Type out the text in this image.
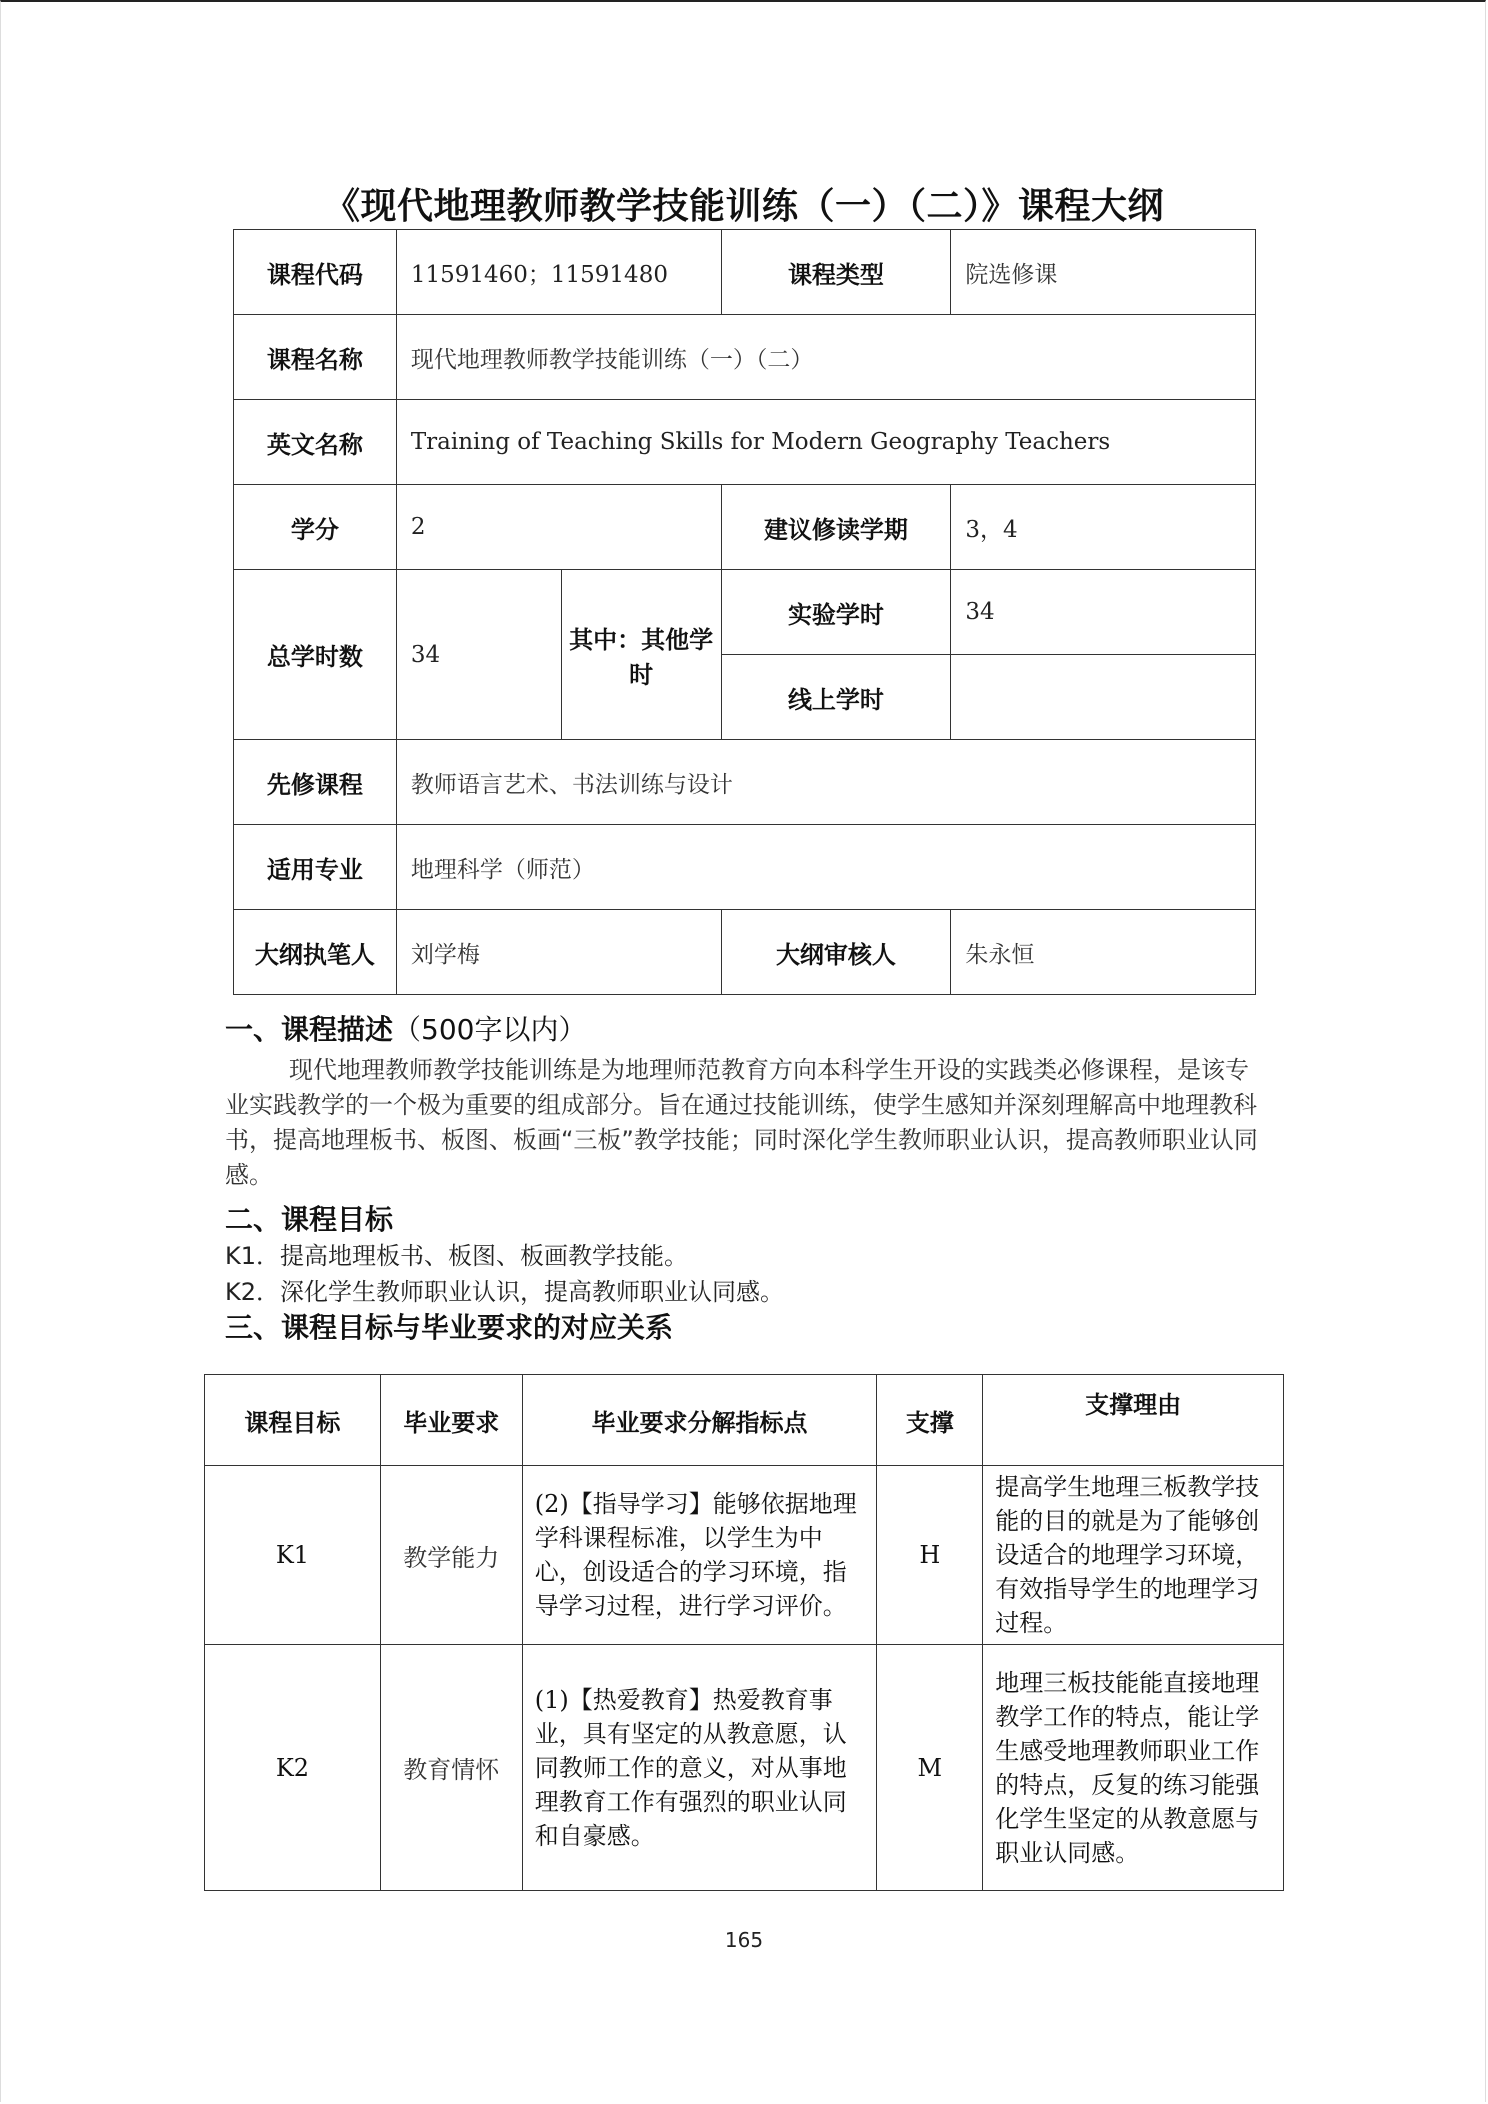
《现代地理教师教学技能训练（一）（二）》课程大纲
课程代码	11591460；11591480		课程类型	院选修课
课程名称	现代地理教师教学技能训练（一）（二）			
英文名称	Training of Teaching Skills for Modern Geography Teachers			
学分	2		建议修读学期	3，4
总学时数	34	其中：其他学时	实验学时	34
			线上学时	
先修课程	教师语言艺术、书法训练与设计			
适用专业	地理科学（师范）			
大纲执笔人	刘学梅		大纲审核人	朱永恒
一、课程描述（500字以内）
现代地理教师教学技能训练是为地理师范教育方向本科学生开设的实践类必修课程，是该专业实践教学的一个极为重要的组成部分。旨在通过技能训练，使学生感知并深刻理解高中地理教科书，提高地理板书、板图、板画“三板”教学技能；同时深化学生教师职业认识，提高教师职业认同感。
二、课程目标
K1．提高地理板书、板图、板画教学技能。
K2．深化学生教师职业认识，提高教师职业认同感。
三、课程目标与毕业要求的对应关系
课程目标	毕业要求	毕业要求分解指标点	支撑	支撑理由
K1	教学能力	(2)【指导学习】能够依据地理学科课程标准，以学生为中心，创设适合的学习环境，指导学习过程，进行学习评价。	H	提高学生地理三板教学技能的目的就是为了能够创设适合的地理学习环境，有效指导学生的地理学习过程。
K2	教育情怀	(1)【热爱教育】热爱教育事业，具有坚定的从教意愿，认同教师工作的意义，对从事地理教育工作有强烈的职业认同和自豪感。	M	地理三板技能能直接地理教学工作的特点，能让学生感受地理教师职业工作的特点，反复的练习能强化学生坚定的从教意愿与职业认同感。
165
